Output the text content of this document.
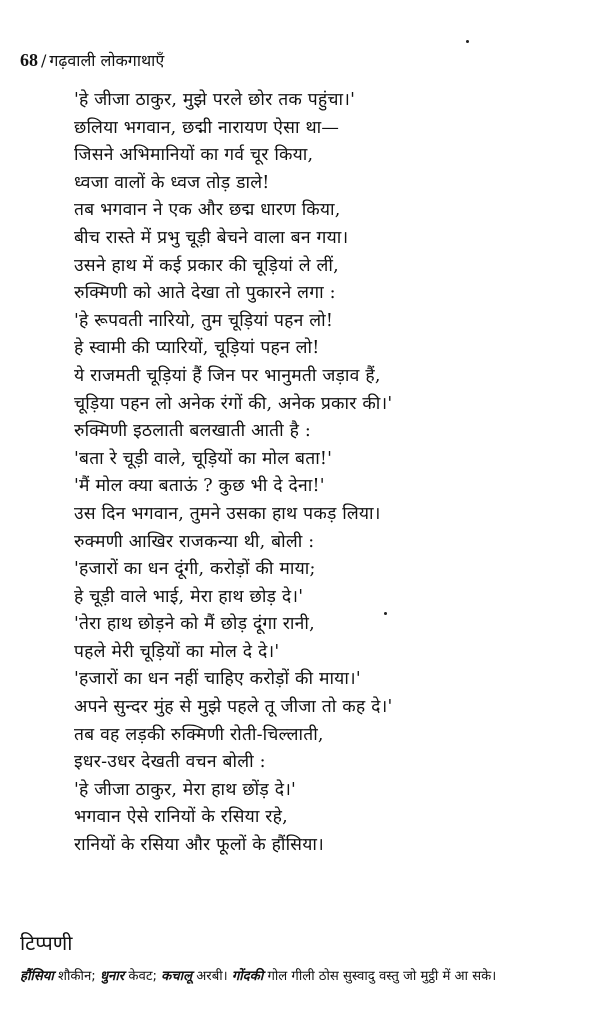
68 / गढ़वाली लोकगाथाएँ
'हे जीजा ठाकुर, मुझे परले छोर तक पहुंचा।'
छलिया भगवान, छद्मी नारायण ऐसा था—
जिसने अभिमानियों का गर्व चूर किया,
ध्वजा वालों के ध्वज तोड़ डाले!
तब भगवान ने एक और छद्म धारण किया,
बीच रास्ते में प्रभु चूड़ी बेचने वाला बन गया।
उसने हाथ में कई प्रकार की चूड़ियां ले लीं,
रुक्मिणी को आते देखा तो पुकारने लगा :
'हे रूपवती नारियो, तुम चूड़ियां पहन लो!
हे स्वामी की प्यारियों, चूड़ियां पहन लो!
ये राजमती चूड़ियां हैं जिन पर भानुमती जड़ाव हैं,
चूड़िया पहन लो अनेक रंगों की, अनेक प्रकार की।'
रुक्मिणी इठलाती बलखाती आती है :
'बता रे चूड़ी वाले, चूड़ियों का मोल बता!'
'मैं मोल क्या बताऊं ? कुछ भी दे देना!'
उस दिन भगवान, तुमने उसका हाथ पकड़ लिया।
रुक्मणी आखिर राजकन्या थी, बोली :
'हजारों का धन दूंगी, करोड़ों की माया;
हे चूड़ी वाले भाई, मेरा हाथ छोड़ दे।'
'तेरा हाथ छोड़ने को मैं छोड़ दूंगा रानी,
पहले मेरी चूड़ियों का मोल दे दे।'
'हजारों का धन नहीं चाहिए करोड़ों की माया।'
अपने सुन्दर मुंह से मुझे पहले तू जीजा तो कह दे।'
तब वह लड़की रुक्मिणी रोती-चिल्लाती,
इधर-उधर देखती वचन बोली :
'हे जीजा ठाकुर, मेरा हाथ छोंड़ दे।'
भगवान ऐसे रानियों के रसिया रहे,
रानियों के रसिया और फूलों के हौंसिया।
टिप्पणी
हौंसिया शौकीन; धुनार केवट; कचालू अरबी। गोंदकी गोल गीली ठोस सुस्वादु वस्तु जो मुट्ठी में आ सके।
